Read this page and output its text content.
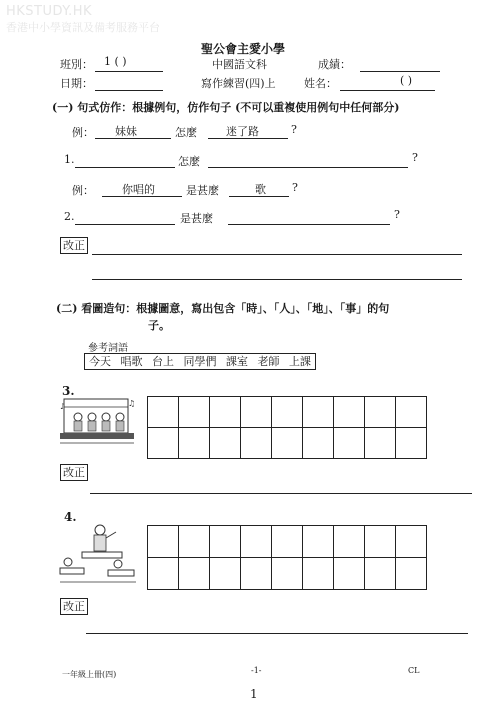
HKSTUDY.HK
香港中小學資訊及備考服務平台
聖公會主愛小學
班別： 1 ( )	中國語文科	成績：
日期：	寫作練習(四)上	姓名：	( )
(一) 句式仿作：根據例句，仿作句子 (不可以重複使用例句中任何部分)
例： 妹妹	怎麼	迷了路	?
1.	怎麼	?
例：	你唱的	是甚麼	歌 ?
2.	是甚麼	?
改正
(二) 看圖造句：根據圖意，寫出包含「時」、「人」、「地」、「事」的句
子。
參考詞語
今天 唱歌 台上 同學們 課室 老師 上課
3.
♪	♫
改正
4.
改正
一年級上冊(四)	-1-	CL
1
